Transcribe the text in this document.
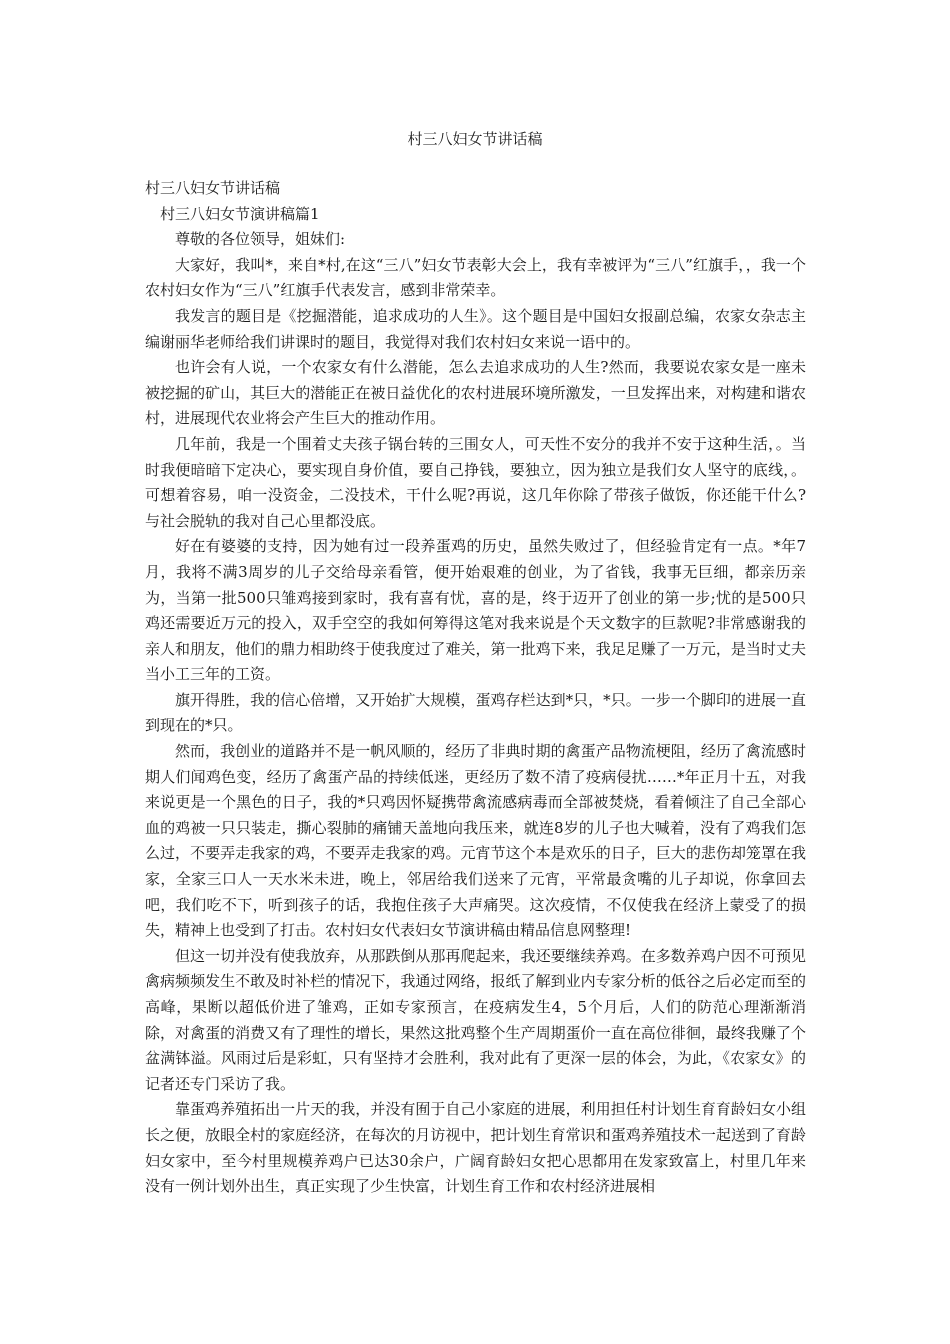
村三八妇女节讲话稿

村三八妇女节讲话稿

村三八妇女节演讲稿篇1

尊敬的各位领导，姐妹们:

大家好，我叫*，来自*村,在这“三八”妇女节表彰大会上，我有幸被评为“三八”红旗手，，我一个农村妇女作为“三八”红旗手代表发言，感到非常荣幸。

我发言的题目是《挖掘潜能，追求成功的人生》。这个题目是中国妇女报副总编，农家女杂志主编谢丽华老师给我们讲课时的题目，我觉得对我们农村妇女来说一语中的。

也许会有人说，一个农家女有什么潜能，怎么去追求成功的人生?然而，我要说农家女是一座未被挖掘的矿山，其巨大的潜能正在被日益优化的农村进展环境所激发，一旦发挥出来，对构建和谐农村，进展现代农业将会产生巨大的推动作用。

几年前，我是一个围着丈夫孩子锅台转的三围女人，可天性不安分的我并不安于这种生活，。当时我便暗暗下定决心，要实现自身价值，要自己挣钱，要独立，因为独立是我们女人坚守的底线，。可想着容易，咱一没资金，二没技术，干什么呢?再说，这几年你除了带孩子做饭，你还能干什么?与社会脱轨的我对自己心里都没底。

好在有婆婆的支持，因为她有过一段养蛋鸡的历史，虽然失败过了，但经验肯定有一点。*年7月，我将不满3周岁的儿子交给母亲看管，便开始艰难的创业，为了省钱，我事无巨细，都亲历亲为，当第一批500只雏鸡接到家时，我有喜有忧，喜的是，终于迈开了创业的第一步;忧的是500只鸡还需要近万元的投入，双手空空的我如何筹得这笔对我来说是个天文数字的巨款呢?非常感谢我的亲人和朋友，他们的鼎力相助终于使我度过了难关，第一批鸡下来，我足足赚了一万元，是当时丈夫当小工三年的工资。

旗开得胜，我的信心倍增，又开始扩大规模，蛋鸡存栏达到*只，*只。一步一个脚印的进展一直到现在的*只。

然而，我创业的道路并不是一帆风顺的，经历了非典时期的禽蛋产品物流梗阻，经历了禽流感时期人们闻鸡色变，经历了禽蛋产品的持续低迷，更经历了数不清了疫病侵扰……*年正月十五，对我来说更是一个黑色的日子，我的*只鸡因怀疑携带禽流感病毒而全部被焚烧，看着倾注了自己全部心血的鸡被一只只装走，撕心裂肺的痛铺天盖地向我压来，就连8岁的儿子也大喊着，没有了鸡我们怎么过，不要弄走我家的鸡，不要弄走我家的鸡。元宵节这个本是欢乐的日子，巨大的悲伤却笼罩在我家，全家三口人一天水米未进，晚上，邻居给我们送来了元宵，平常最贪嘴的儿子却说，你拿回去吧，我们吃不下，听到孩子的话，我抱住孩子大声痛哭。这次疫情，不仅使我在经济上蒙受了的损失，精神上也受到了打击。农村妇女代表妇女节演讲稿由精品信息网整理!

但这一切并没有使我放弃，从那跌倒从那再爬起来，我还要继续养鸡。在多数养鸡户因不可预见禽病频频发生不敢及时补栏的情况下，我通过网络，报纸了解到业内专家分析的低谷之后必定而至的高峰，果断以超低价进了雏鸡，正如专家预言，在疫病发生4，5个月后，人们的防范心理渐渐消除，对禽蛋的消费又有了理性的增长，果然这批鸡整个生产周期蛋价一直在高位徘徊，最终我赚了个盆满钵溢。风雨过后是彩虹，只有坚持才会胜利，我对此有了更深一层的体会，为此，《农家女》的记者还专门采访了我。

靠蛋鸡养殖拓出一片天的我，并没有囿于自己小家庭的进展，利用担任村计划生育育龄妇女小组长之便，放眼全村的家庭经济，在每次的月访视中，把计划生育常识和蛋鸡养殖技术一起送到了育龄妇女家中，至今村里规模养鸡户已达30余户，广阔育龄妇女把心思都用在发家致富上，村里几年来没有一例计划外出生，真正实现了少生快富，计划生育工作和农村经济进展相
